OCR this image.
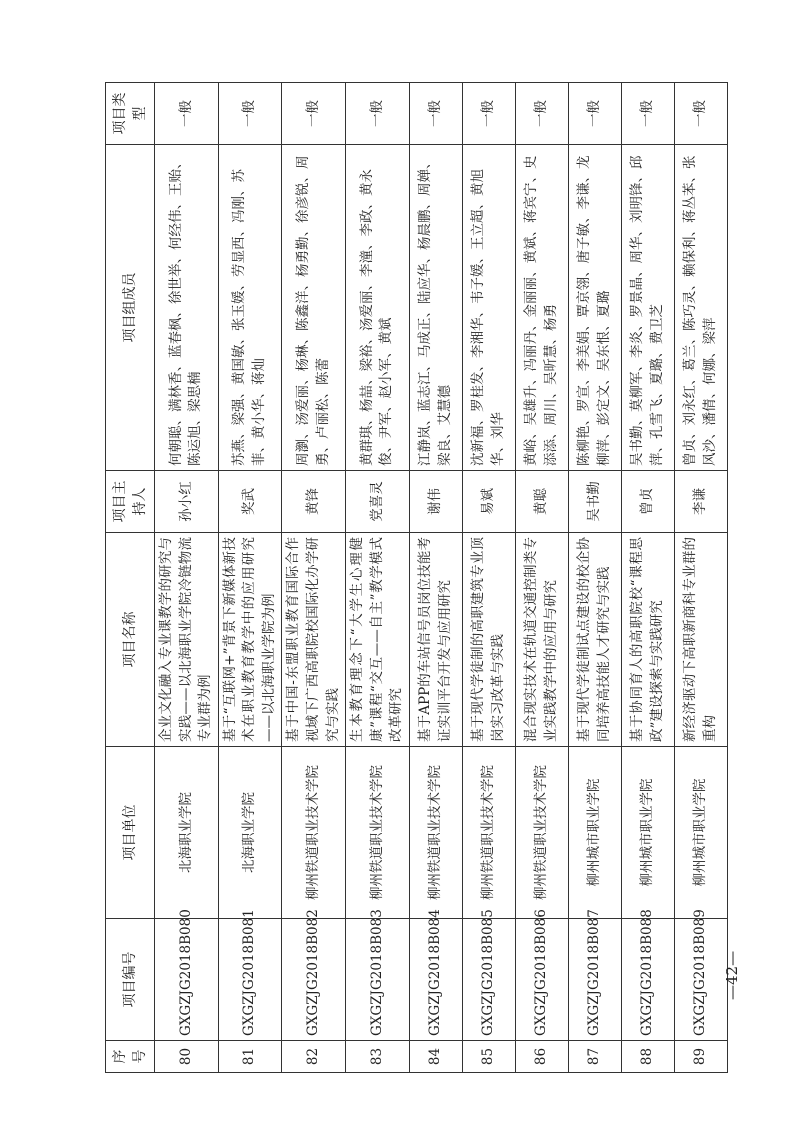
序号	项目编号	项目单位	项目名称	项目主持人	项目组成员	项目类型
80	GXGZJG2018B080	北海职业学院	企业文化融入专业课教学的研究与实践——以北海职业学院冷链物流专业群为例	孙小红	何朝聪、满林香、蓝春枫、徐世举、何经伟、王贻、陈运旭、梁思楠	一般
81	GXGZJG2018B081	北海职业学院	基于“互联网+”背景下新媒体新技术在职业教育教学中的应用研究——以北海职业学院为例	奖武	苏燕、梁强、黄国敏、张玉媛、劳显西、冯刚、苏菲、黄小华、蒋灿	一般
82	GXGZJG2018B082	柳州铁道职业技术学院	基于中国-东盟职业教育国际合作视域下广西高职院校国际化办学研究与实践	黄锋	周瀏、汤爱丽、杨琳、陈鑫洋、杨勇勤、徐彦锐、周勇、卢丽松、陈蕾	一般
83	GXGZJG2018B083	柳州铁道职业技术学院	生本教育理念下“大学生心理健康”课程“交互——自主”教学模式改革研究	党喜灵	黄群琪、杨喆、梁裕、汤爱丽、李潼、李政、黄永俊、尹军、赵小军、黄斌	一般
84	GXGZJG2018B084	柳州铁道职业技术学院	基于APP的车站信号员岗位技能考证实训平台开发与应用研究	谢伟	江静岚、蓝志江、马成正、陆应华、杨晨鹏、周婵、梁良、艾慧德	一般
85	GXGZJG2018B085	柳州铁道职业技术学院	基于现代学徒制的高职建筑专业顶岗实习改革与实践	易斌	沈新福、罗桂发、李湘华、韦子媛、王立超、黄旭华、刘华	一般
86	GXGZJG2018B086	柳州铁道职业技术学院	混合现实技术在轨道交通控制类专业实践教学中的应用与研究	黄聪	黄峪、吴雄升、冯丽丹、金丽丽、黄斌、蒋宾宁、史添添、周川、吴昕慧、杨勇	一般
87	GXGZJG2018B087	柳州城市职业学院	基于现代学徒制试点建设的校企协同培养高技能人才研究与实践	吴书勤	陈柳艳、罗宣、李美娟、覃京翎、唐子敏、李谦、龙柳萍、彭定文、吴东恨、夏璐	一般
88	GXGZJG2018B088	柳州城市职业学院	基于协同育人的高职院校“课程思政”建设探索与实践研究	曾贞	吴书勤、莫柳军、李炎、罗景晶、周华、刘明锋、邱萍、孔雪飞、夏璐、费卫芝	一般
89	GXGZJG2018B089	柳州城市职业学院	新经济驱动下高职新商科专业群的重构	李谦	曾贞、刘永红、葛兰、陈巧灵、赖保利、蒋丛苯、张风沙、潘倩、何娜、梁萍	一般
—42—
